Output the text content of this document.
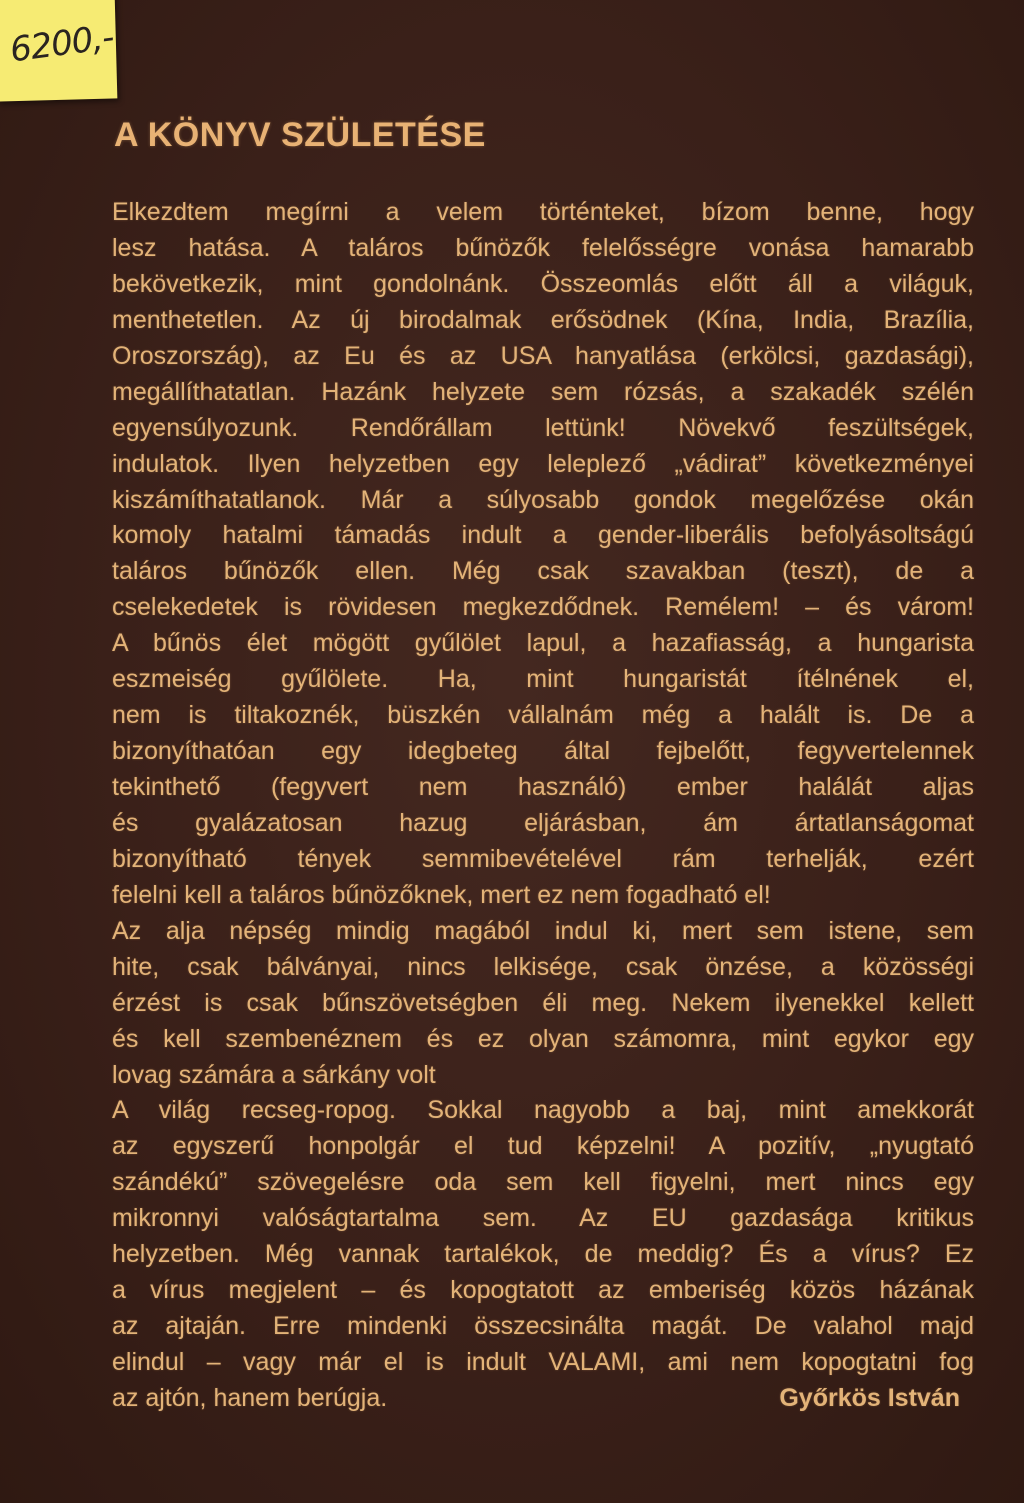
6200,-
A KÖNYV SZÜLETÉSE
Elkezdtem megírni a velem történteket, bízom benne, hogy
lesz hatása. A taláros bűnözők felelősségre vonása hamarabb
bekövetkezik, mint gondolnánk. Összeomlás előtt áll a világuk,
menthetetlen. Az új birodalmak erősödnek (Kína, India, Brazília,
Oroszország), az Eu és az USA hanyatlása (erkölcsi, gazdasági),
megállíthatatlan. Hazánk helyzete sem rózsás, a szakadék szélén
egyensúlyozunk. Rendőrállam lettünk! Növekvő feszültségek,
indulatok. Ilyen helyzetben egy leleplező „vádirat” következményei
kiszámíthatatlanok. Már a súlyosabb gondok megelőzése okán
komoly hatalmi támadás indult a gender-liberális befolyásoltságú
taláros bűnözők ellen. Még csak szavakban (teszt), de a
cselekedetek is rövidesen megkezdődnek. Remélem! – és várom!
A bűnös élet mögött gyűlölet lapul, a hazafiasság, a hungarista
eszmeiség gyűlölete. Ha, mint hungaristát ítélnének el,
nem is tiltakoznék, büszkén vállalnám még a halált is. De a
bizonyíthatóan egy idegbeteg által fejbelőtt, fegyvertelennek
tekinthető (fegyvert nem használó) ember halálát aljas
és gyalázatosan hazug eljárásban, ám ártatlanságomat
bizonyítható tények semmibevételével rám terhelják, ezért
felelni kell a taláros bűnözőknek, mert ez nem fogadható el!
Az alja népség mindig magából indul ki, mert sem istene, sem
hite, csak bálványai, nincs lelkisége, csak önzése, a közösségi
érzést is csak bűnszövetségben éli meg. Nekem ilyenekkel kellett
és kell szembenéznem és ez olyan számomra, mint egykor egy
lovag számára a sárkány volt
A világ recseg-ropog. Sokkal nagyobb a baj, mint amekkorát
az egyszerű honpolgár el tud képzelni! A pozitív, „nyugtató
szándékú” szövegelésre oda sem kell figyelni, mert nincs egy
mikronnyi valóságtartalma sem. Az EU gazdasága kritikus
helyzetben. Még vannak tartalékok, de meddig? És a vírus? Ez
a vírus megjelent – és kopogtatott az emberiség közös házának
az ajtaján. Erre mindenki összecsinálta magát. De valahol majd
elindul – vagy már el is indult VALAMI, ami nem kopogtatni fog
az ajtón, hanem berúgja.	Győrkös István
